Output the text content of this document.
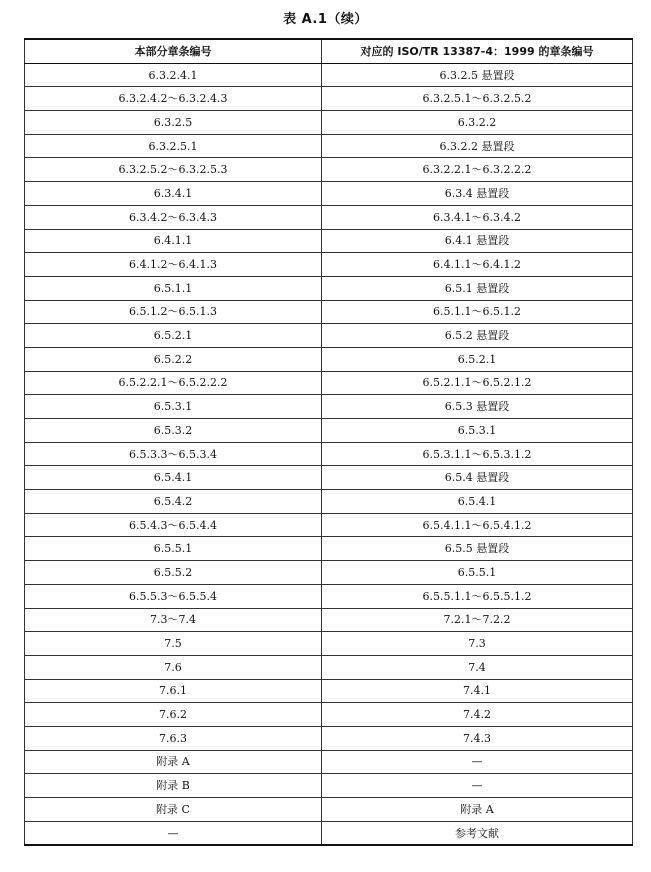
表 A.1（续）
本部分章条编号	对应的 ISO/TR 13387-4：1999 的章条编号
6.3.2.4.1	6.3.2.5 悬置段
6.3.2.4.2～6.3.2.4.3	6.3.2.5.1～6.3.2.5.2
6.3.2.5	6.3.2.2
6.3.2.5.1	6.3.2.2 悬置段
6.3.2.5.2～6.3.2.5.3	6.3.2.2.1～6.3.2.2.2
6.3.4.1	6.3.4 悬置段
6.3.4.2～6.3.4.3	6.3.4.1～6.3.4.2
6.4.1.1	6.4.1 悬置段
6.4.1.2～6.4.1.3	6.4.1.1～6.4.1.2
6.5.1.1	6.5.1 悬置段
6.5.1.2～6.5.1.3	6.5.1.1～6.5.1.2
6.5.2.1	6.5.2 悬置段
6.5.2.2	6.5.2.1
6.5.2.2.1～6.5.2.2.2	6.5.2.1.1～6.5.2.1.2
6.5.3.1	6.5.3 悬置段
6.5.3.2	6.5.3.1
6.5.3.3～6.5.3.4	6.5.3.1.1～6.5.3.1.2
6.5.4.1	6.5.4 悬置段
6.5.4.2	6.5.4.1
6.5.4.3～6.5.4.4	6.5.4.1.1～6.5.4.1.2
6.5.5.1	6.5.5 悬置段
6.5.5.2	6.5.5.1
6.5.5.3～6.5.5.4	6.5.5.1.1～6.5.5.1.2
7.3～7.4	7.2.1～7.2.2
7.5	7.3
7.6	7.4
7.6.1	7.4.1
7.6.2	7.4.2
7.6.3	7.4.3
附录 A	—
附录 B	—
附录 C	附录 A
—	参考文献
